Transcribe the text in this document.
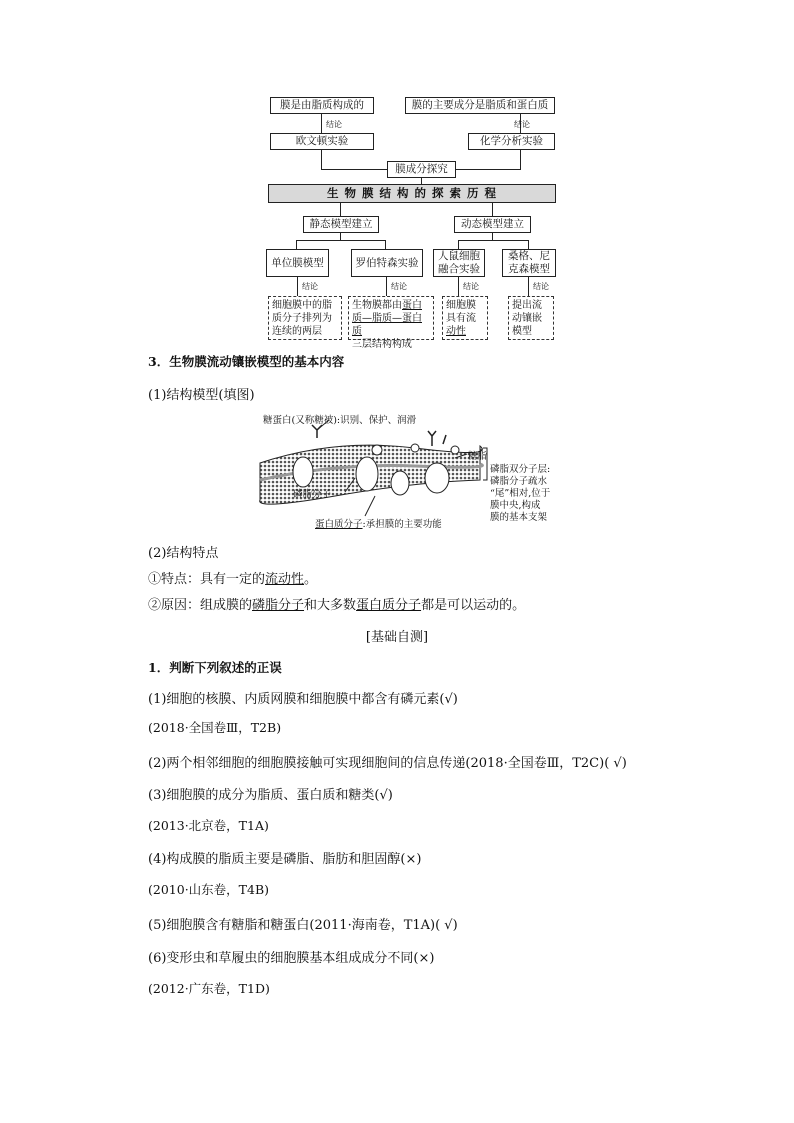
膜是由脂质构成的	膜的主要成分是脂质和蛋白质
结论	结论
欧文顿实验	化学分析实验
膜成分探究
生 物 膜 结 构 的 探 索 历 程
静态模型建立	动态模型建立
单位膜模型	罗伯特森实验
人鼠细胞
融合实验
桑格、尼
克森模型
结论	结论	结论	结论
细胞膜中的脂
质分子排列为
连续的两层
生物膜都由蛋白
质—脂质—蛋白质
三层结构构成
细胞膜
具有流
动性
提出流
动镶嵌
模型
3．生物膜流动镶嵌模型的基本内容
(1)结构模型(填图)
糖蛋白(又称糖被):识别、保护、润滑
糖脂
磷脂分子
磷脂双分子层:
磷脂分子疏水
“尾”相对,位于
膜中央,构成
膜的基本支架
蛋白质分子:承担膜的主要功能
(2)结构特点
①特点：具有一定的流动性。
②原因：组成膜的磷脂分子和大多数蛋白质分子都是可以运动的。
[基础自测]
1．判断下列叙述的正误
(1)细胞的核膜、内质网膜和细胞膜中都含有磷元素(√)
(2018·全国卷Ⅲ，T2B)
(2)两个相邻细胞的细胞膜接触可实现细胞间的信息传递(2018·全国卷Ⅲ，T2C)( √)
(3)细胞膜的成分为脂质、蛋白质和糖类(√)
(2013·北京卷，T1A)
(4)构成膜的脂质主要是磷脂、脂肪和胆固醇(×)
(2010·山东卷，T4B)
(5)细胞膜含有糖脂和糖蛋白(2011·海南卷，T1A)( √)
(6)变形虫和草履虫的细胞膜基本组成成分不同(×)
(2012·广东卷，T1D)
